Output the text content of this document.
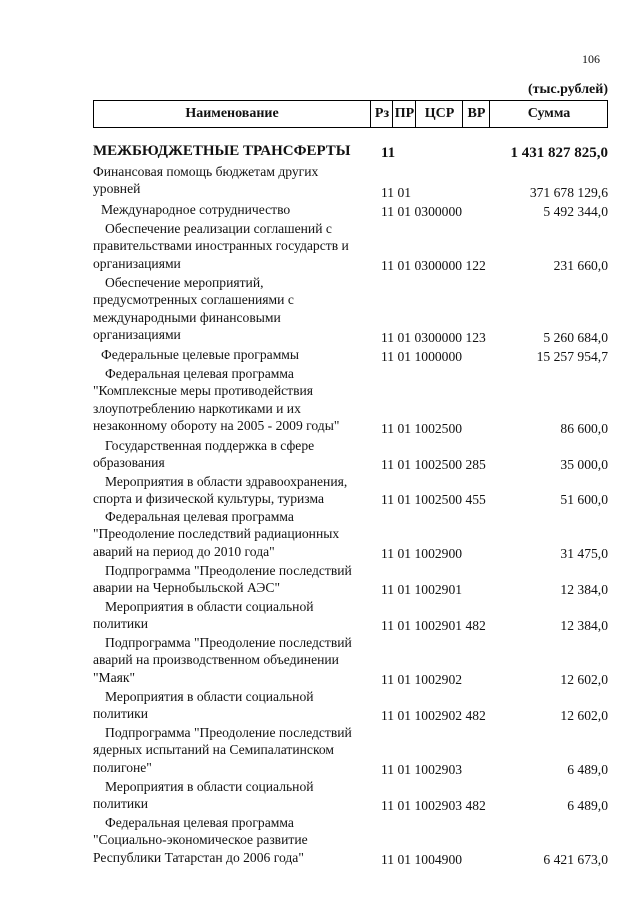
106
(тыс.рублей)
Наименование	Рз ПР ЦСР ВР	Сумма
МЕЖБЮДЖЕТНЫЕ ТРАНСФЕРТЫ	11	1 431 827 825,0
Финансовая помощь бюджетам других
уровней	11 01	371 678 129,6
Международное сотрудничество	11 01 0300000	5 492 344,0
Обеспечение реализации соглашений с
правительствами иностранных государств и
организациями	11 01 0300000 122	231 660,0
Обеспечение мероприятий,
предусмотренных соглашениями с
международными финансовыми
организациями	11 01 0300000 123	5 260 684,0
Федеральные целевые программы	11 01 1000000	15 257 954,7
Федеральная целевая программа
"Комплексные меры противодействия
злоупотреблению наркотиками и их
незаконному обороту на 2005 - 2009 годы"	11 01 1002500	86 600,0
Государственная поддержка в сфере
образования	11 01 1002500 285	35 000,0
Мероприятия в области здравоохранения,
спорта и физической культуры, туризма	11 01 1002500 455	51 600,0
Федеральная целевая программа
"Преодоление последствий радиационных
аварий на период до 2010 года"	11 01 1002900	31 475,0
Подпрограмма "Преодоление последствий
аварии на Чернобыльской АЭС"	11 01 1002901	12 384,0
Мероприятия в области социальной
политики	11 01 1002901 482	12 384,0
Подпрограмма "Преодоление последствий
аварий на производственном объединении
"Маяк"	11 01 1002902	12 602,0
Мероприятия в области социальной
политики	11 01 1002902 482	12 602,0
Подпрограмма "Преодоление последствий
ядерных испытаний на Семипалатинском
полигоне"	11 01 1002903	6 489,0
Мероприятия в области социальной
политики	11 01 1002903 482	6 489,0
Федеральная целевая программа
"Социально-экономическое развитие
Республики Татарстан до 2006 года"	11 01 1004900	6 421 673,0
